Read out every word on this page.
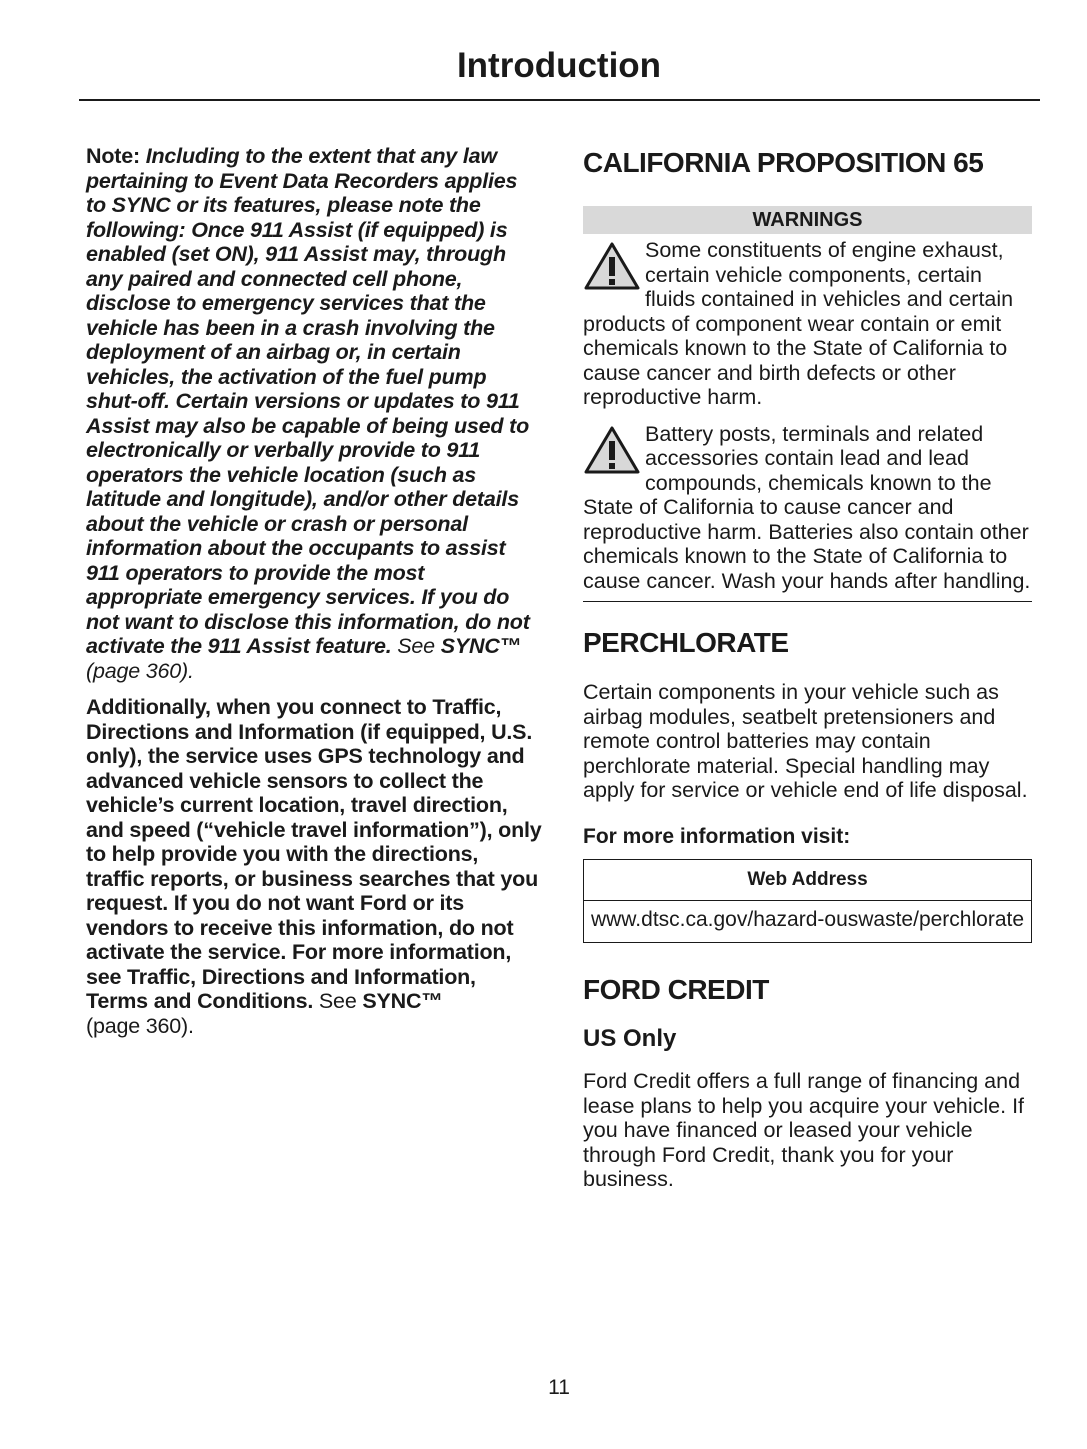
Introduction

Note: Including to the extent that any law pertaining to Event Data Recorders applies to SYNC or its features, please note the following: Once 911 Assist (if equipped) is enabled (set ON), 911 Assist may, through any paired and connected cell phone, disclose to emergency services that the vehicle has been in a crash involving the deployment of an airbag or, in certain vehicles, the activation of the fuel pump shut-off. Certain versions or updates to 911 Assist may also be capable of being used to electronically or verbally provide to 911 operators the vehicle location (such as latitude and longitude), and/or other details about the vehicle or crash or personal information about the occupants to assist 911 operators to provide the most appropriate emergency services. If you do not want to disclose this information, do not activate the 911 Assist feature. See SYNC™ (page 360).

Additionally, when you connect to Traffic, Directions and Information (if equipped, U.S. only), the service uses GPS technology and advanced vehicle sensors to collect the vehicle’s current location, travel direction, and speed (“vehicle travel information”), only to help provide you with the directions, traffic reports, or business searches that you request. If you do not want Ford or its vendors to receive this information, do not activate the service. For more information, see Traffic, Directions and Information, Terms and Conditions. See SYNC™
(page 360).

CALIFORNIA PROPOSITION 65
WARNINGS
Some constituents of engine exhaust, certain vehicle components, certain fluids contained in vehicles and certain products of component wear contain or emit chemicals known to the State of California to cause cancer and birth defects or other reproductive harm.
Battery posts, terminals and related accessories contain lead and lead compounds, chemicals known to the State of California to cause cancer and reproductive harm. Batteries also contain other chemicals known to the State of California to cause cancer. Wash your hands after handling.
PERCHLORATE

Certain components in your vehicle such as airbag modules, seatbelt pretensioners and remote control batteries may contain perchlorate material. Special handling may apply for service or vehicle end of life disposal.

For more information visit:

Web Address
www.dtsc.ca.gov/hazard-ouswaste/perchlorate
FORD CREDIT

US Only

Ford Credit offers a full range of financing and lease plans to help you acquire your vehicle. If you have financed or leased your vehicle through Ford Credit, thank you for your business.

11
